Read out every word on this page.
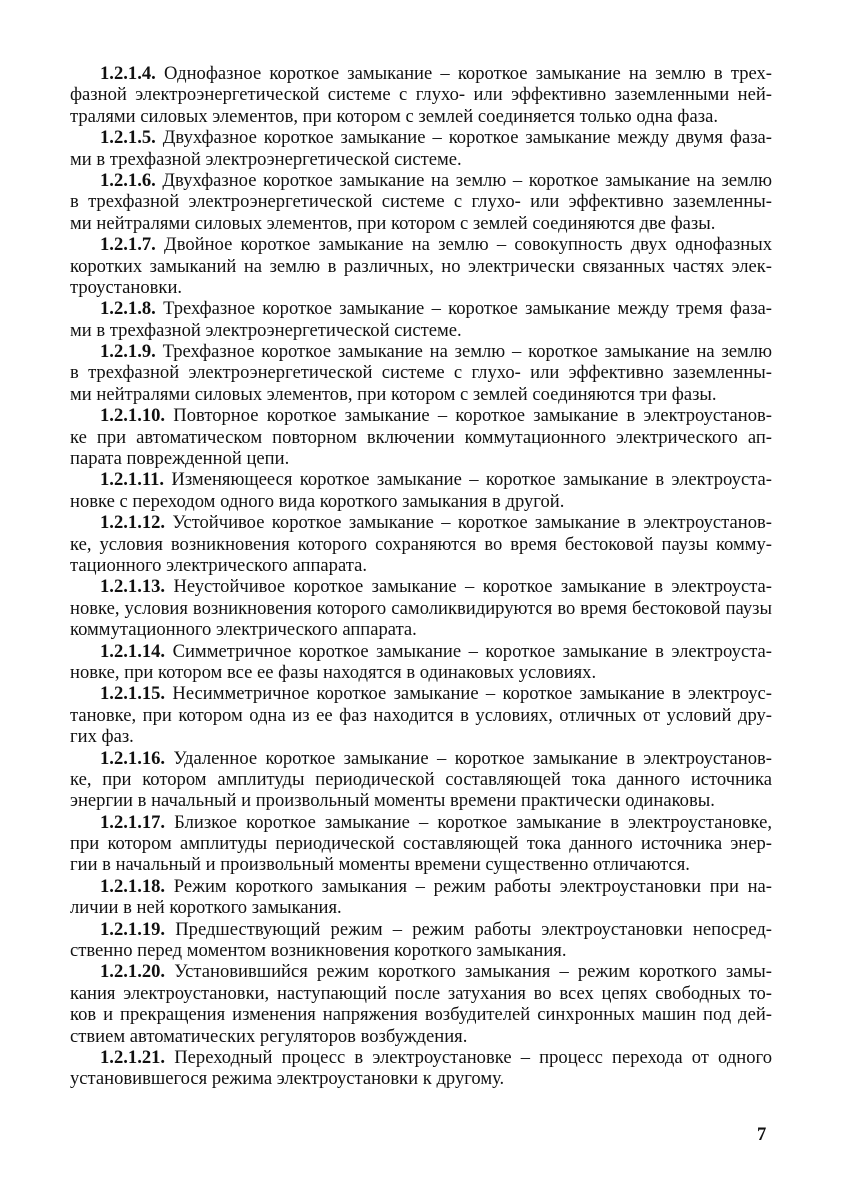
1.2.1.4. Однофазное короткое замыкание – короткое замыкание на землю в трех-
фазной электроэнергетической системе с глухо- или эффективно заземленными ней-
тралями силовых элементов, при котором с землей соединяется только одна фаза.
1.2.1.5. Двухфазное короткое замыкание – короткое замыкание между двумя фаза-
ми в трехфазной электроэнергетической системе.
1.2.1.6. Двухфазное короткое замыкание на землю – короткое замыкание на землю
в трехфазной электроэнергетической системе с глухо- или эффективно заземленны-
ми нейтралями силовых элементов, при котором с землей соединяются две фазы.
1.2.1.7. Двойное короткое замыкание на землю – совокупность двух однофазных
коротких замыканий на землю в различных, но электрически связанных частях элек-
троустановки.
1.2.1.8. Трехфазное короткое замыкание – короткое замыкание между тремя фаза-
ми в трехфазной электроэнергетической системе.
1.2.1.9. Трехфазное короткое замыкание на землю – короткое замыкание на землю
в трехфазной электроэнергетической системе с глухо- или эффективно заземленны-
ми нейтралями силовых элементов, при котором с землей соединяются три фазы.
1.2.1.10. Повторное короткое замыкание – короткое замыкание в электроустанов-
ке при автоматическом повторном включении коммутационного электрического ап-
парата поврежденной цепи.
1.2.1.11. Изменяющееся короткое замыкание – короткое замыкание в электроуста-
новке с переходом одного вида короткого замыкания в другой.
1.2.1.12. Устойчивое короткое замыкание – короткое замыкание в электроустанов-
ке, условия возникновения которого сохраняются во время бестоковой паузы комму-
тационного электрического аппарата.
1.2.1.13. Неустойчивое короткое замыкание – короткое замыкание в электроуста-
новке, условия возникновения которого самоликвидируются во время бестоковой паузы
коммутационного электрического аппарата.
1.2.1.14. Симметричное короткое замыкание – короткое замыкание в электроуста-
новке, при котором все ее фазы находятся в одинаковых условиях.
1.2.1.15. Несимметричное короткое замыкание – короткое замыкание в электроус-
тановке, при котором одна из ее фаз находится в условиях, отличных от условий дру-
гих фаз.
1.2.1.16. Удаленное короткое замыкание – короткое замыкание в электроустанов-
ке, при котором амплитуды периодической составляющей тока данного источника
энергии в начальный и произвольный моменты времени практически одинаковы.
1.2.1.17. Близкое короткое замыкание – короткое замыкание в электроустановке,
при котором амплитуды периодической составляющей тока данного источника энер-
гии в начальный и произвольный моменты времени существенно отличаются.
1.2.1.18. Режим короткого замыкания – режим работы электроустановки при на-
личии в ней короткого замыкания.
1.2.1.19. Предшествующий режим – режим работы электроустановки непосред-
ственно перед моментом возникновения короткого замыкания.
1.2.1.20. Установившийся режим короткого замыкания – режим короткого замы-
кания электроустановки, наступающий после затухания во всех цепях свободных то-
ков и прекращения изменения напряжения возбудителей синхронных машин под дей-
ствием автоматических регуляторов возбуждения.
1.2.1.21. Переходный процесс в электроустановке – процесс перехода от одного
установившегося режима электроустановки к другому.
7
